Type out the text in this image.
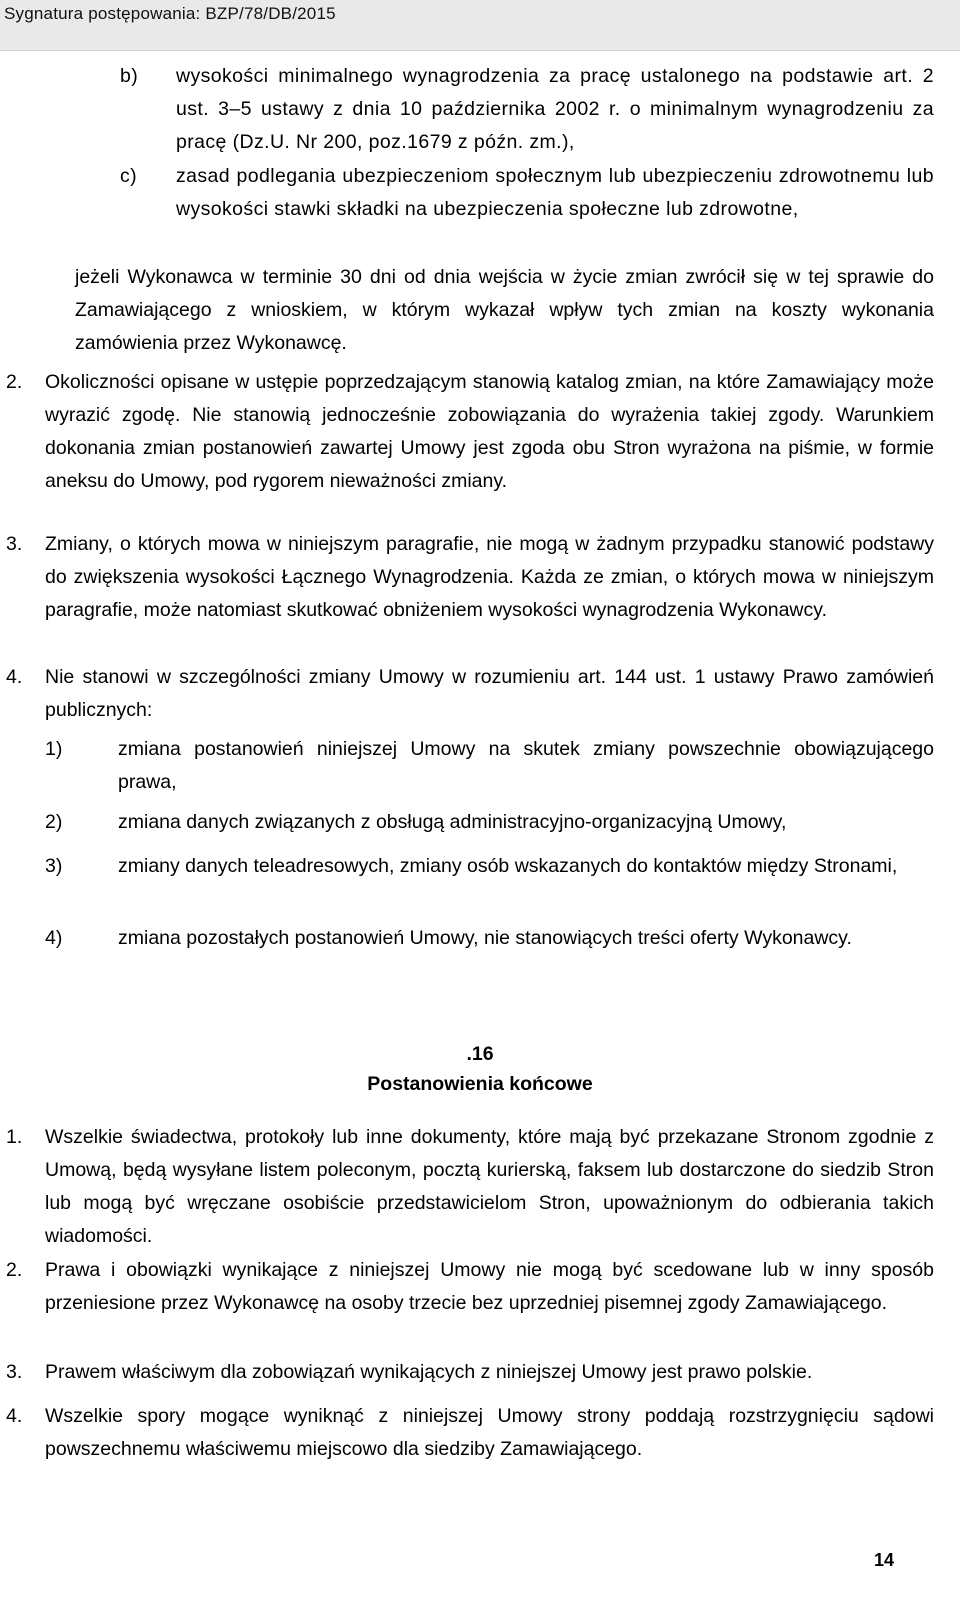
Sygnatura postępowania: BZP/78/DB/2015
b) wysokości minimalnego wynagrodzenia za pracę ustalonego na podstawie art. 2 ust. 3–5 ustawy z dnia 10 października 2002 r. o minimalnym wynagrodzeniu za pracę (Dz.U. Nr 200, poz.1679 z późn. zm.),

c) zasad podlegania ubezpieczeniom społecznym lub ubezpieczeniu zdrowotnemu lub wysokości stawki składki na ubezpieczenia społeczne lub zdrowotne,

jeżeli Wykonawca w terminie 30 dni od dnia wejścia w życie zmian zwrócił się w tej sprawie do Zamawiającego z wnioskiem, w którym wykazał wpływ tych zmian na koszty wykonania zamówienia przez Wykonawcę.

2. Okoliczności opisane w ustępie poprzedzającym stanowią katalog zmian, na które Zamawiający może wyrazić zgodę. Nie stanowią jednocześnie zobowiązania do wyrażenia takiej zgody. Warunkiem dokonania zmian postanowień zawartej Umowy jest zgoda obu Stron wyrażona na piśmie, w formie aneksu do Umowy, pod rygorem nieważności zmiany.

3. Zmiany, o których mowa w niniejszym paragrafie, nie mogą w żadnym przypadku stanowić podstawy do zwiększenia wysokości Łącznego Wynagrodzenia. Każda ze zmian, o których mowa w niniejszym paragrafie, może natomiast skutkować obniżeniem wysokości wynagrodzenia Wykonawcy.

4. Nie stanowi w szczególności zmiany Umowy w rozumieniu art. 144 ust. 1 ustawy Prawo zamówień publicznych:

1)	zmiana postanowień niniejszej Umowy na skutek zmiany powszechnie obowiązującego prawa,

2)	zmiana danych związanych z obsługą administracyjno-organizacyjną Umowy,

3)	zmiany danych teleadresowych, zmiany osób wskazanych do kontaktów między Stronami,

4)	zmiana pozostałych postanowień Umowy, nie stanowiących treści oferty Wykonawcy.

.16
Postanowienia końcowe
1. Wszelkie świadectwa, protokoły lub inne dokumenty, które mają być przekazane Stronom zgodnie z Umową, będą wysyłane listem poleconym, pocztą kurierską, faksem lub dostarczone do siedzib Stron lub mogą być wręczane osobiście przedstawicielom Stron, upoważnionym do odbierania takich wiadomości.

2. Prawa i obowiązki wynikające z niniejszej Umowy nie mogą być scedowane lub w inny sposób przeniesione przez Wykonawcę na osoby trzecie bez uprzedniej pisemnej zgody Zamawiającego.

3. Prawem właściwym dla zobowiązań wynikających z niniejszej Umowy jest prawo polskie.

4. Wszelkie spory mogące wyniknąć z niniejszej Umowy strony poddają rozstrzygnięciu sądowi powszechnemu właściwemu miejscowo dla siedziby Zamawiającego.

14
